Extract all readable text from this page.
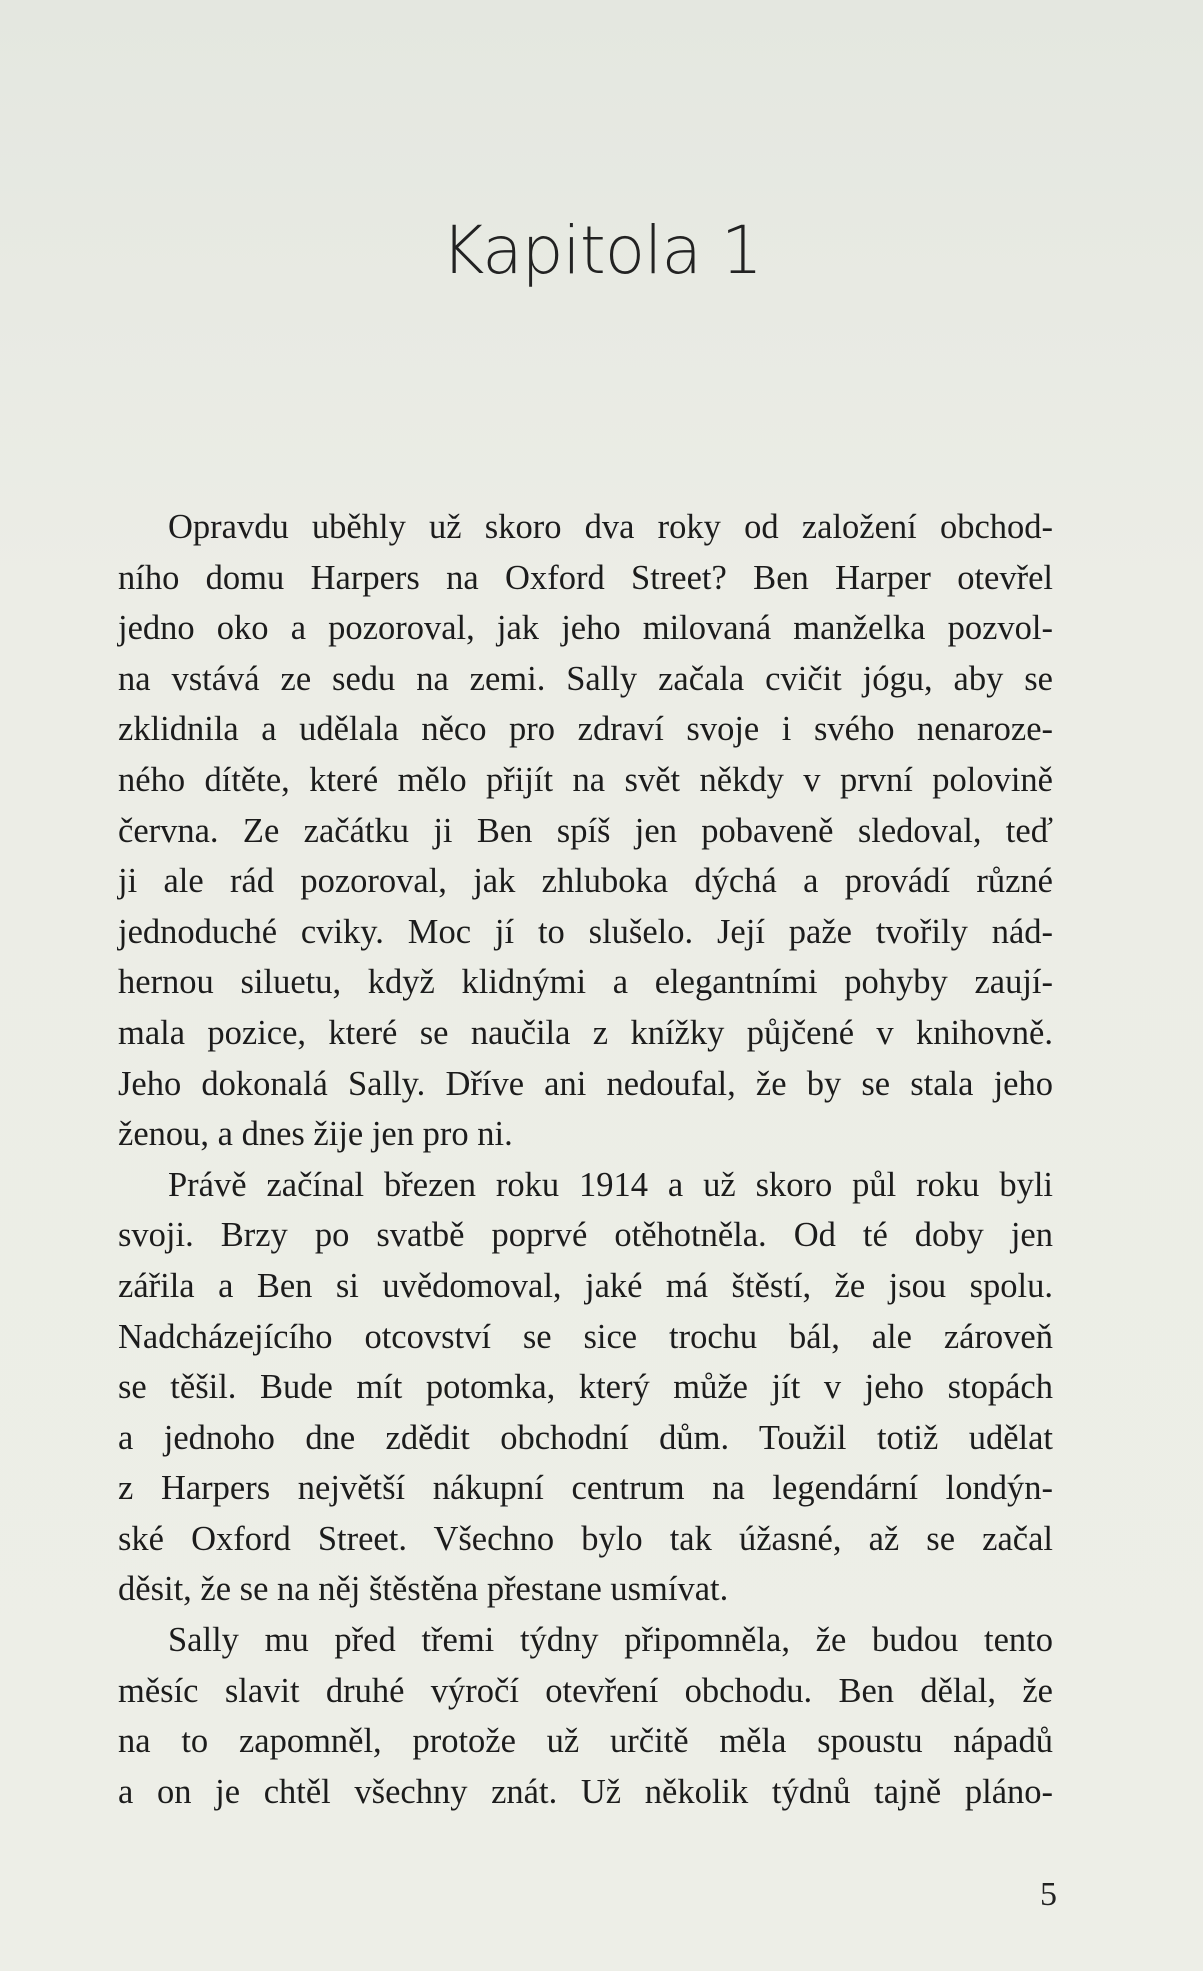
Kapitola 1
Opravdu uběhly už skoro dva roky od založení obchod-
ního domu Harpers na Oxford Street? Ben Harper otevřel
jedno oko a pozoroval, jak jeho milovaná manželka pozvol-
na vstává ze sedu na zemi. Sally začala cvičit jógu, aby se
zklidnila a udělala něco pro zdraví svoje i svého nenaroze-
ného dítěte, které mělo přijít na svět někdy v první polovině
června. Ze začátku ji Ben spíš jen pobaveně sledoval, teď
ji ale rád pozoroval, jak zhluboka dýchá a provádí různé
jednoduché cviky. Moc jí to slušelo. Její paže tvořily nád-
hernou siluetu, když klidnými a elegantními pohyby zaují-
mala pozice, které se naučila z knížky půjčené v knihovně.
Jeho dokonalá Sally. Dříve ani nedoufal, že by se stala jeho
ženou, a dnes žije jen pro ni.
Právě začínal březen roku 1914 a už skoro půl roku byli
svoji. Brzy po svatbě poprvé otěhotněla. Od té doby jen
zářila a Ben si uvědomoval, jaké má štěstí, že jsou spolu.
Nadcházejícího otcovství se sice trochu bál, ale zároveň
se těšil. Bude mít potomka, který může jít v jeho stopách
a jednoho dne zdědit obchodní dům. Toužil totiž udělat
z Harpers největší nákupní centrum na legendární londýn-
ské Oxford Street. Všechno bylo tak úžasné, až se začal
děsit, že se na něj štěstěna přestane usmívat.
Sally mu před třemi týdny připomněla, že budou tento
měsíc slavit druhé výročí otevření obchodu. Ben dělal, že
na to zapomněl, protože už určitě měla spoustu nápadů
a on je chtěl všechny znát. Už několik týdnů tajně pláno-
5
